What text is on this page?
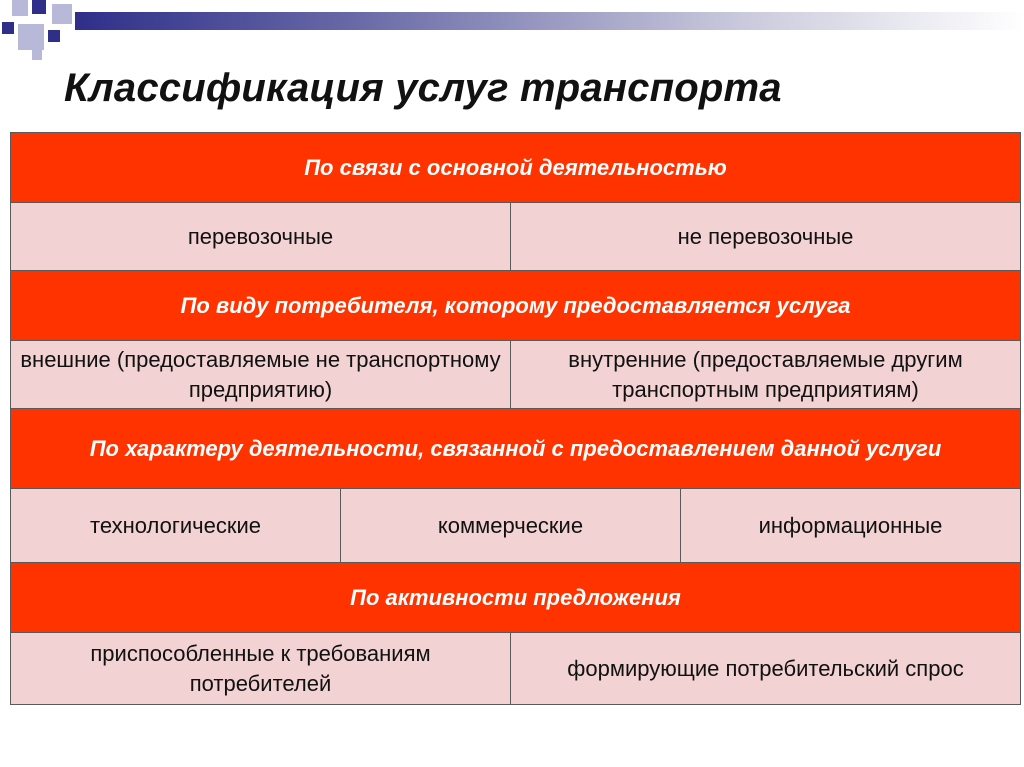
Классификация услуг транспорта
По связи с основной деятельностью			
перевозочные		не перевозочные	
По виду потребителя, которому предоставляется услуга			
внешние (предоставляемые не транспортному предприятию)		внутренние (предоставляемые другим транспортным предприятиям)	
По характеру деятельности, связанной с предоставлением данной услуги			
технологические	коммерческие		информационные
По активности предложения			
приспособленные к требованиям потребителей		формирующие потребительский спрос	
